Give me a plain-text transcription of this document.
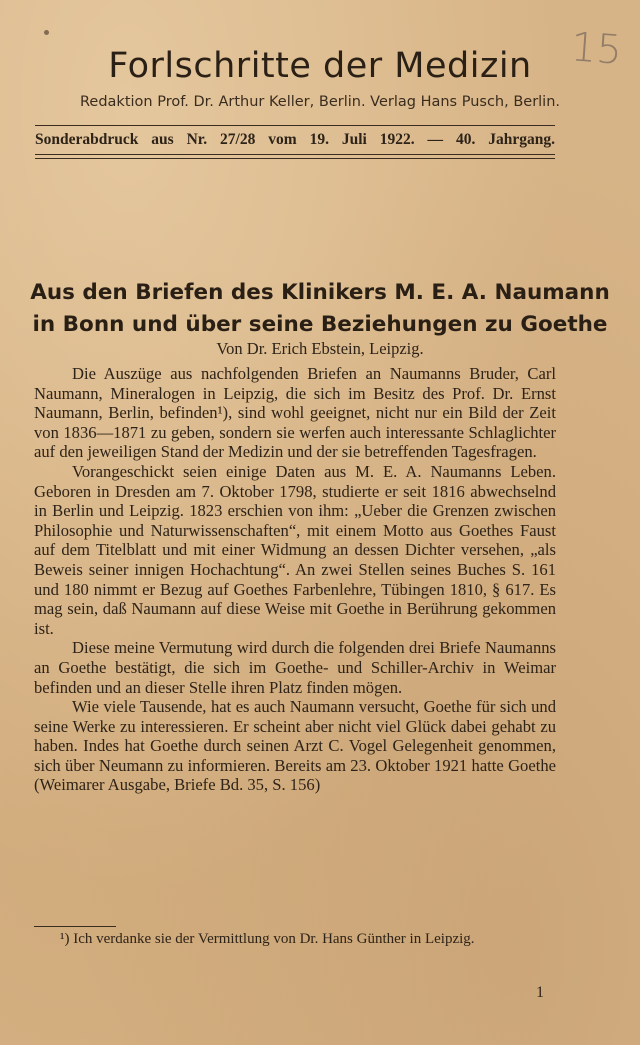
15
Forlschritte der Medizin

Redaktion Prof. Dr. Arthur Keller, Berlin. Verlag Hans Pusch, Berlin.

Sonderabdruck aus Nr. 27/28 vom 19. Juli 1922. — 40. Jahrgang.
Aus den Briefen des Klinikers M. E. A. Naumann
in Bonn und über seine Beziehungen zu Goethe
Von Dr. Erich Ebstein, Leipzig.

Die Auszüge aus nachfolgenden Briefen an Naumanns Bruder, Carl Naumann, Mineralogen in Leipzig, die sich im Besitz des Prof. Dr. Ernst Naumann, Berlin, befinden¹), sind wohl geeignet, nicht nur ein Bild der Zeit von 1836—1871 zu geben, sondern sie werfen auch interessante Schlaglichter auf den jeweiligen Stand der Medizin und der sie betreffenden Tagesfragen.

Vorangeschickt seien einige Daten aus M. E. A. Naumanns Leben. Geboren in Dresden am 7. Oktober 1798, studierte er seit 1816 abwechselnd in Berlin und Leipzig. 1823 erschien von ihm: „Ueber die Grenzen zwischen Philosophie und Naturwissenschaften“, mit einem Motto aus Goethes Faust auf dem Titelblatt und mit einer Widmung an dessen Dichter versehen, „als Beweis seiner innigen Hochachtung“. An zwei Stellen seines Buches S. 161 und 180 nimmt er Bezug auf Goethes Farbenlehre, Tübingen 1810, § 617. Es mag sein, daß Naumann auf diese Weise mit Goethe in Berührung gekommen ist.

Diese meine Vermutung wird durch die folgenden drei Briefe Naumanns an Goethe bestätigt, die sich im Goethe- und Schiller-Archiv in Weimar befinden und an dieser Stelle ihren Platz finden mögen.

Wie viele Tausende, hat es auch Naumann versucht, Goethe für sich und seine Werke zu interessieren. Er scheint aber nicht viel Glück dabei gehabt zu haben. Indes hat Goethe durch seinen Arzt C. Vogel Gelegenheit genommen, sich über Neumann zu informieren. Bereits am 23. Oktober 1921 hatte Goethe (Weimarer Ausgabe, Briefe Bd. 35, S. 156)

¹) Ich verdanke sie der Vermittlung von Dr. Hans Günther in Leipzig.
1
